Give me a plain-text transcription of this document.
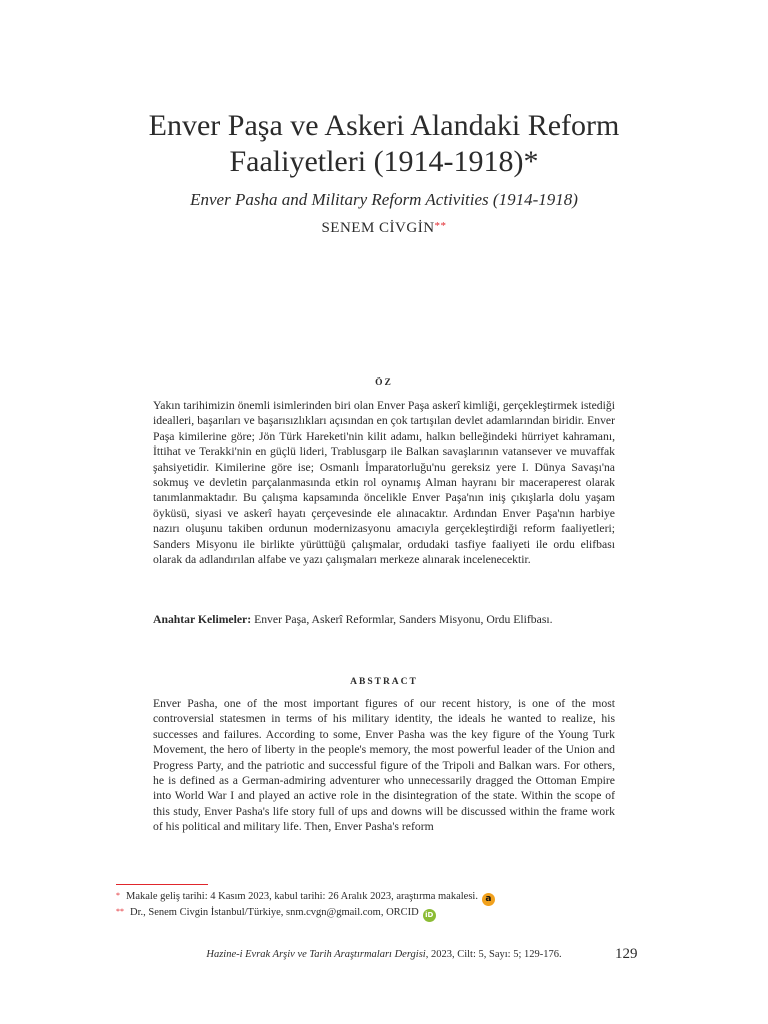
Enver Paşa ve Askeri Alandaki Reform
Faaliyetleri (1914-1918)*
Enver Pasha and Military Reform Activities (1914-1918)
SENEM CİVGİN**
ÖZ

Yakın tarihimizin önemli isimlerinden biri olan Enver Paşa askerî kimliği, gerçekleştirmek istediği idealleri, başarıları ve başarısızlıkları açısından en çok tartışılan devlet adamlarından biridir. Enver Paşa kimilerine göre; Jön Türk Hareketi'nin kilit adamı, halkın belleğindeki hürriyet kahramanı, İttihat ve Terakki'nin en güçlü lideri, Trablusgarp ile Balkan savaşlarının vatansever ve muvaffak şahsiyetidir. Kimilerine göre ise; Osmanlı İmparatorluğu'nu gereksiz yere I. Dünya Savaşı'na sokmuş ve devletin parçalanmasında etkin rol oynamış Alman hayranı bir maceraperest olarak tanımlanmaktadır. Bu çalışma kapsamında öncelikle Enver Paşa'nın iniş çıkışlarla dolu yaşam öyküsü, siyasi ve askerî hayatı çerçevesinde ele alınacaktır. Ardından Enver Paşa'nın harbiye nazırı oluşunu takiben ordunun modernizasyonu amacıyla gerçekleştirdiği reform faaliyetleri; Sanders Misyonu ile birlikte yürüttüğü çalışmalar, ordudaki tasfiye faaliyeti ile ordu elifbası olarak da adlandırılan alfabe ve yazı çalışmaları merkeze alınarak incelenecektir.

Anahtar Kelimeler: Enver Paşa, Askerî Reformlar, Sanders Misyonu, Ordu Elifbası.

ABSTRACT

Enver Pasha, one of the most important figures of our recent history, is one of the most controversial statesmen in terms of his military identity, the ideals he wanted to realize, his successes and failures. According to some, Enver Pasha was the key figure of the Young Turk Movement, the hero of liberty in the people's memory, the most powerful leader of the Union and Progress Party, and the patriotic and successful figure of the Tripoli and Balkan wars. For others, he is defined as a German-admiring adventurer who unnecessarily dragged the Ottoman Empire into World War I and played an active role in the disintegration of the state. Within the scope of this study, Enver Pasha's life story full of ups and downs will be discussed within the frame work of his political and military life. Then, Enver Pasha's reform

* Makale geliş tarihi: 4 Kasım 2023, kabul tarihi: 26 Aralık 2023, araştırma makalesi. a
** Dr., Senem Civgin İstanbul/Türkiye, snm.cvgn@gmail.com, ORCID iD
Hazine-i Evrak Arşiv ve Tarih Araştırmaları Dergisi, 2023, Cilt: 5, Sayı: 5; 129-176.	129
